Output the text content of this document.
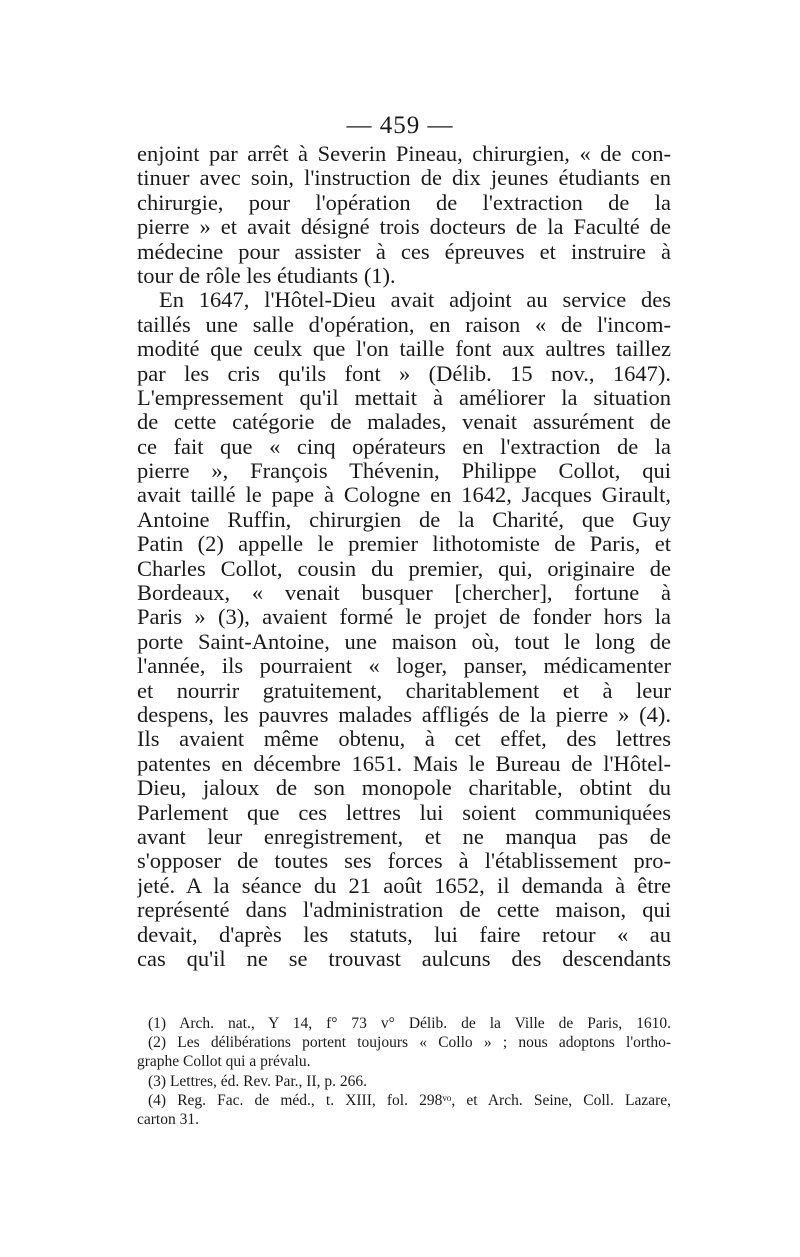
— 459 —
enjoint par arrêt à Severin Pineau, chirurgien, « de con-
tinuer avec soin, l'instruction de dix jeunes étudiants en
chirurgie, pour l'opération de l'extraction de la
pierre » et avait désigné trois docteurs de la Faculté de
médecine pour assister à ces épreuves et instruire à
tour de rôle les étudiants (1).
En 1647, l'Hôtel-Dieu avait adjoint au service des
taillés une salle d'opération, en raison « de l'incom-
modité que ceulx que l'on taille font aux aultres taillez
par les cris qu'ils font » (Délib. 15 nov., 1647).
L'empressement qu'il mettait à améliorer la situation
de cette catégorie de malades, venait assurément de
ce fait que « cinq opérateurs en l'extraction de la
pierre », François Thévenin, Philippe Collot, qui
avait taillé le pape à Cologne en 1642, Jacques Girault,
Antoine Ruffin, chirurgien de la Charité, que Guy
Patin (2) appelle le premier lithotomiste de Paris, et
Charles Collot, cousin du premier, qui, originaire de
Bordeaux, « venait busquer [chercher], fortune à
Paris » (3), avaient formé le projet de fonder hors la
porte Saint-Antoine, une maison où, tout le long de
l'année, ils pourraient « loger, panser, médicamenter
et nourrir gratuitement, charitablement et à leur
despens, les pauvres malades affligés de la pierre » (4).
Ils avaient même obtenu, à cet effet, des lettres
patentes en décembre 1651. Mais le Bureau de l'Hôtel-
Dieu, jaloux de son monopole charitable, obtint du
Parlement que ces lettres lui soient communiquées
avant leur enregistrement, et ne manqua pas de
s'opposer de toutes ses forces à l'établissement pro-
jeté. A la séance du 21 août 1652, il demanda à être
représenté dans l'administration de cette maison, qui
devait, d'après les statuts, lui faire retour « au
cas qu'il ne se trouvast aulcuns des descendants
(1) Arch. nat., Y 14, f° 73 v° Délib. de la Ville de Paris, 1610.
(2) Les délibérations portent toujours « Collo » ; nous adoptons l'ortho-
graphe Collot qui a prévalu.
(3) Lettres, éd. Rev. Par., II, p. 266.
(4) Reg. Fac. de méd., t. XIII, fol. 298ᵛᵒ, et Arch. Seine, Coll. Lazare,
carton 31.
